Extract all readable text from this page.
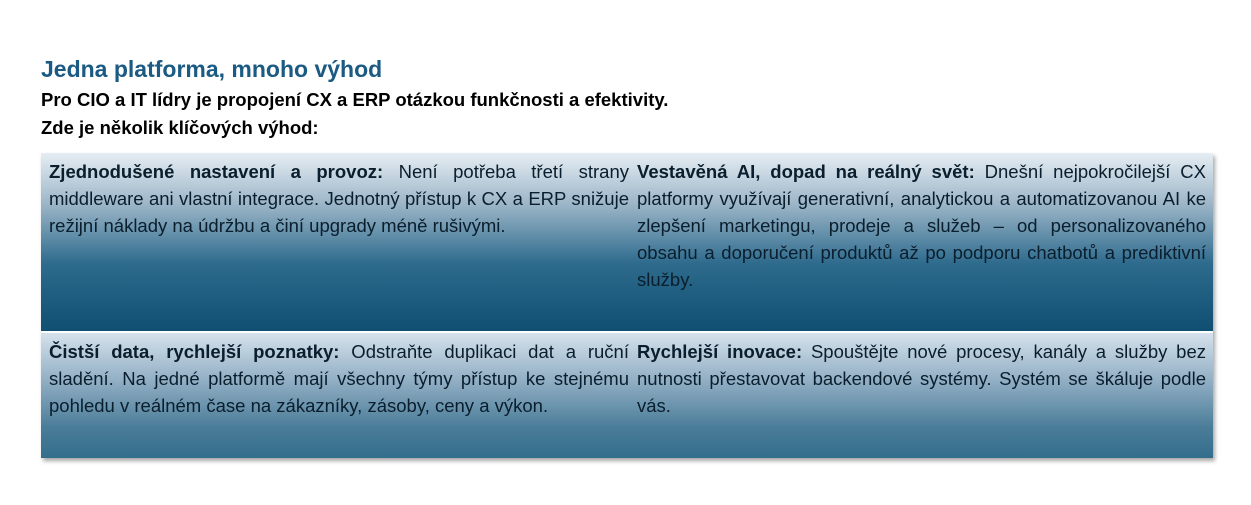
Jedna platforma, mnoho výhod

Pro CIO a IT lídry je propojení CX a ERP otázkou funkčnosti a efektivity.

Zde je několik klíčových výhod:

Zjednodušené nastavení a provoz: Není potřeba třetí strany middleware ani vlastní integrace. Jednotný přístup k CX a ERP snižuje režijní náklady na údržbu a činí upgrady méně rušivými.
Vestavěná AI, dopad na reálný svět: Dnešní nejpokročilejší CX platformy využívají generativní, analytickou a automatizovanou AI ke zlepšení marketingu, prodeje a služeb – od personalizovaného obsahu a doporučení produktů až po podporu chatbotů a prediktivní služby.
Čistší data, rychlejší poznatky: Odstraňte duplikaci dat a ruční sladění. Na jedné platformě mají všechny týmy přístup ke stejnému pohledu v reálném čase na zákazníky, zásoby, ceny a výkon.
Rychlejší inovace: Spouštějte nové procesy, kanály a služby bez nutnosti přestavovat backendové systémy. Systém se škáluje podle vás.
